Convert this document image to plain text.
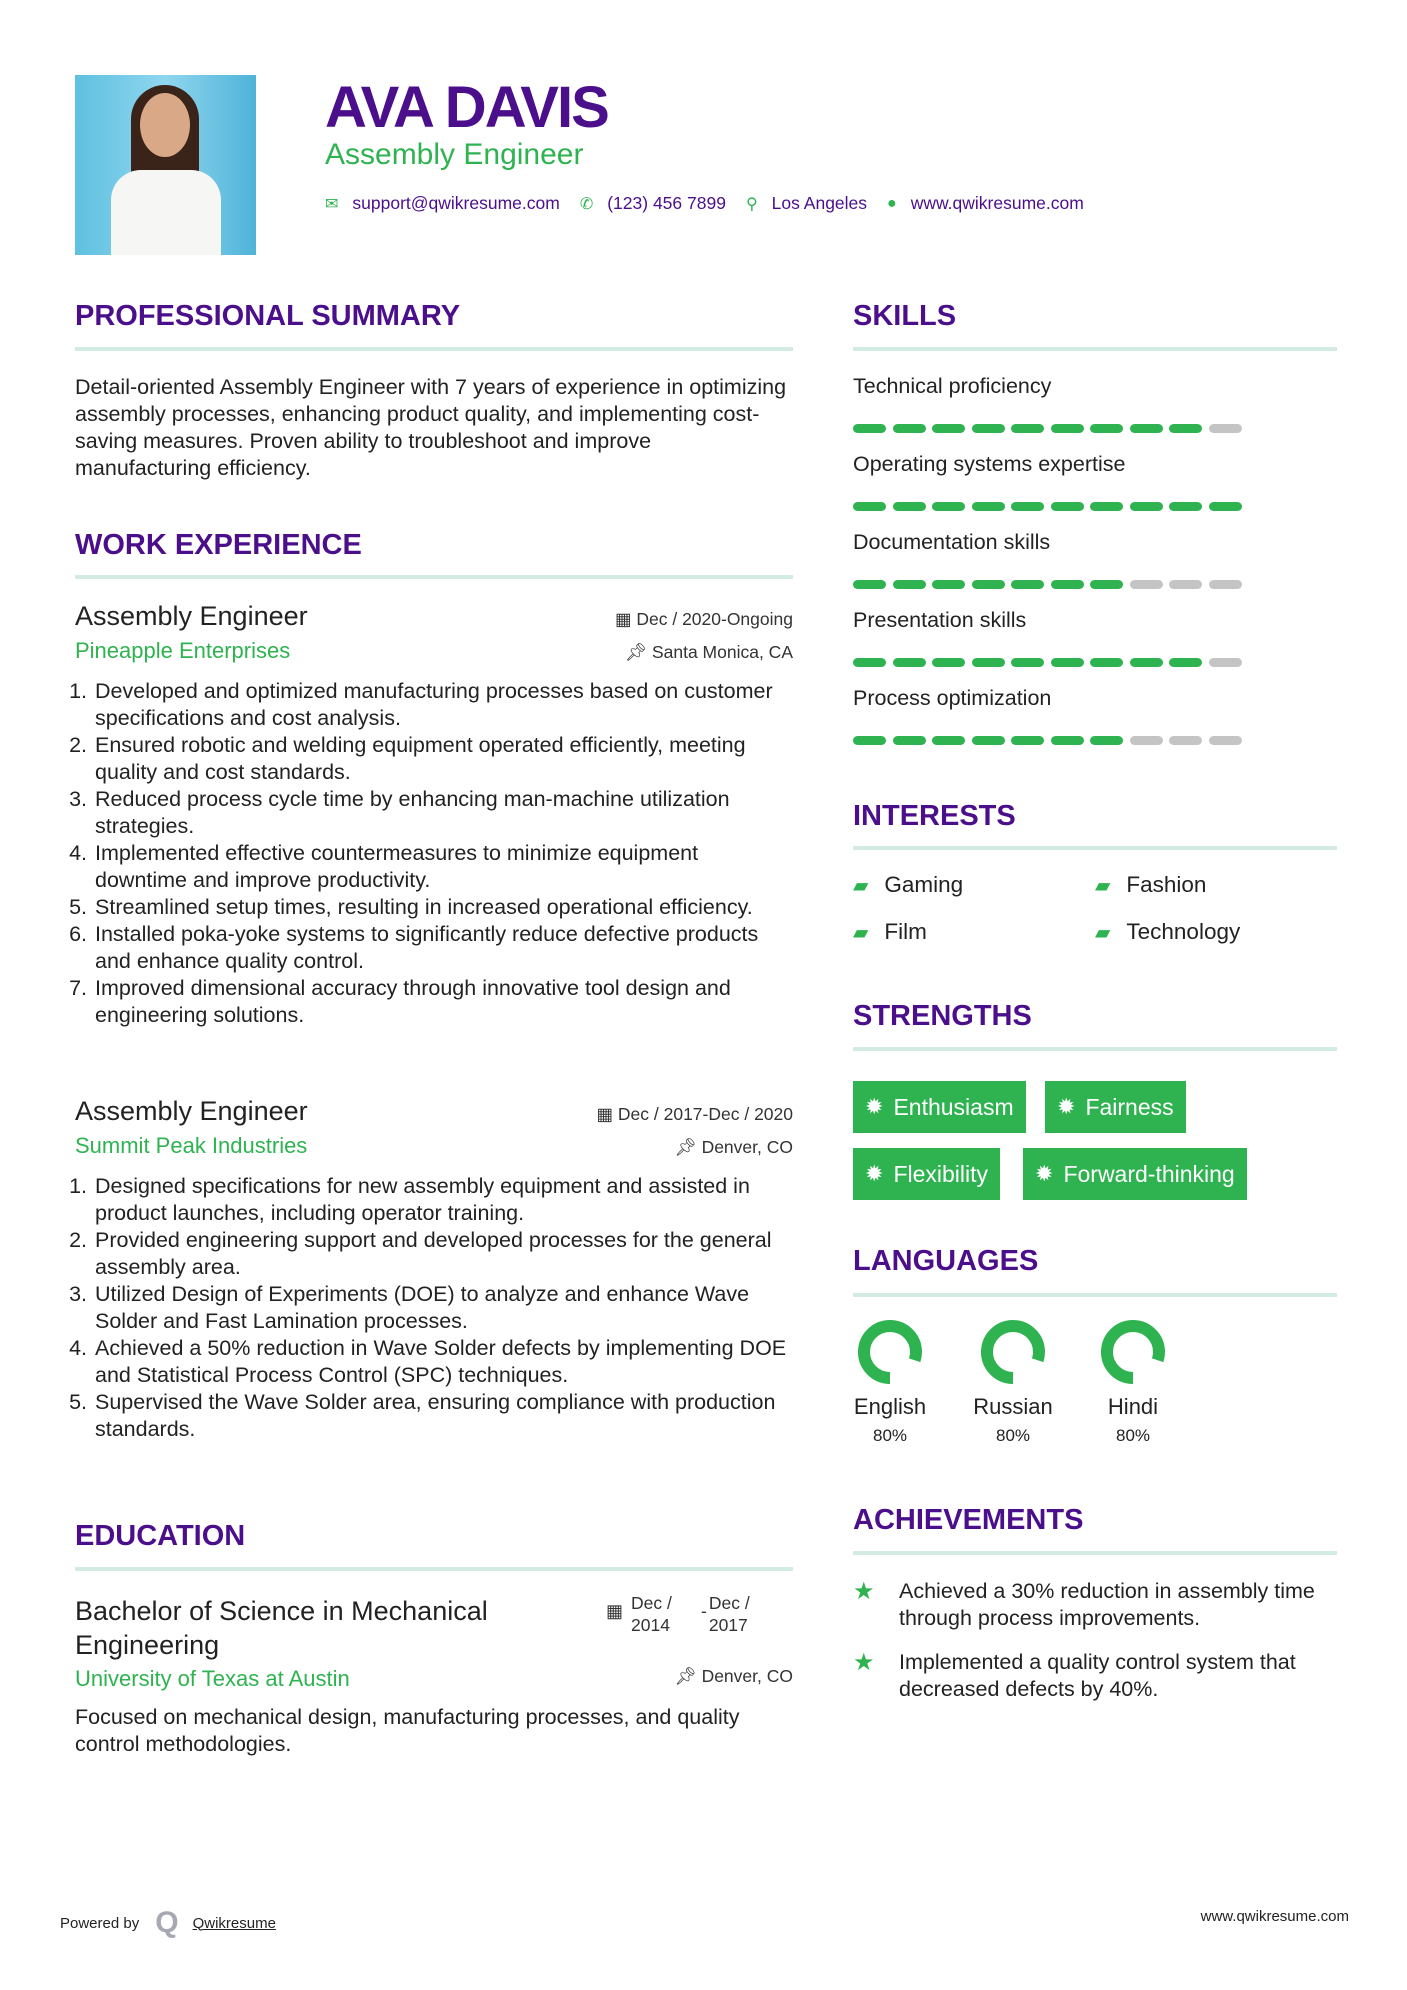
AVA DAVIS
Assembly Engineer
✉ support@qwikresume.com ✆ (123) 456 7899 ⚲ Los Angeles ● www.qwikresume.com
PROFESSIONAL SUMMARY
Detail-oriented Assembly Engineer with 7 years of experience in optimizing assembly processes, enhancing product quality, and implementing cost-saving measures. Proven ability to troubleshoot and improve manufacturing efficiency.
WORK EXPERIENCE
Assembly Engineer	▦ Dec / 2020-Ongoing
Pineapple Enterprises	📌︎ Santa Monica, CA
1. Developed and optimized manufacturing processes based on customer specifications and cost analysis.
2. Ensured robotic and welding equipment operated efficiently, meeting quality and cost standards.
3. Reduced process cycle time by enhancing man-machine utilization strategies.
4. Implemented effective countermeasures to minimize equipment downtime and improve productivity.
5. Streamlined setup times, resulting in increased operational efficiency.
6. Installed poka-yoke systems to significantly reduce defective products and enhance quality control.
7. Improved dimensional accuracy through innovative tool design and engineering solutions.
Assembly Engineer	▦ Dec / 2017-Dec / 2020
Summit Peak Industries	📌︎ Denver, CO
1. Designed specifications for new assembly equipment and assisted in product launches, including operator training.
2. Provided engineering support and developed processes for the general assembly area.
3. Utilized Design of Experiments (DOE) to analyze and enhance Wave Solder and Fast Lamination processes.
4. Achieved a 50% reduction in Wave Solder defects by implementing DOE and Statistical Process Control (SPC) techniques.
5. Supervised the Wave Solder area, ensuring compliance with production standards.
EDUCATION
Bachelor of Science in Mechanical Engineering
▦ Dec / 2014
- Dec / 2017
University of Texas at Austin	📌︎ Denver, CO
Focused on mechanical design, manufacturing processes, and quality control methodologies.
SKILLS
Technical proficiency
Operating systems expertise
Documentation skills
Presentation skills
Process optimization
INTERESTS
▰ Gaming	▰ Fashion
▰ Film	▰ Technology
STRENGTHS
✹ Enthusiasm ✹ Fairness
✹ Flexibility ✹ Forward-thinking
LANGUAGES
English
80%
Russian
80%
Hindi
80%
ACHIEVEMENTS
★	Achieved a 30% reduction in assembly time through process improvements.
★	Implemented a quality control system that decreased defects by 40%.
Powered by Q Qwikresume	www.qwikresume.com
